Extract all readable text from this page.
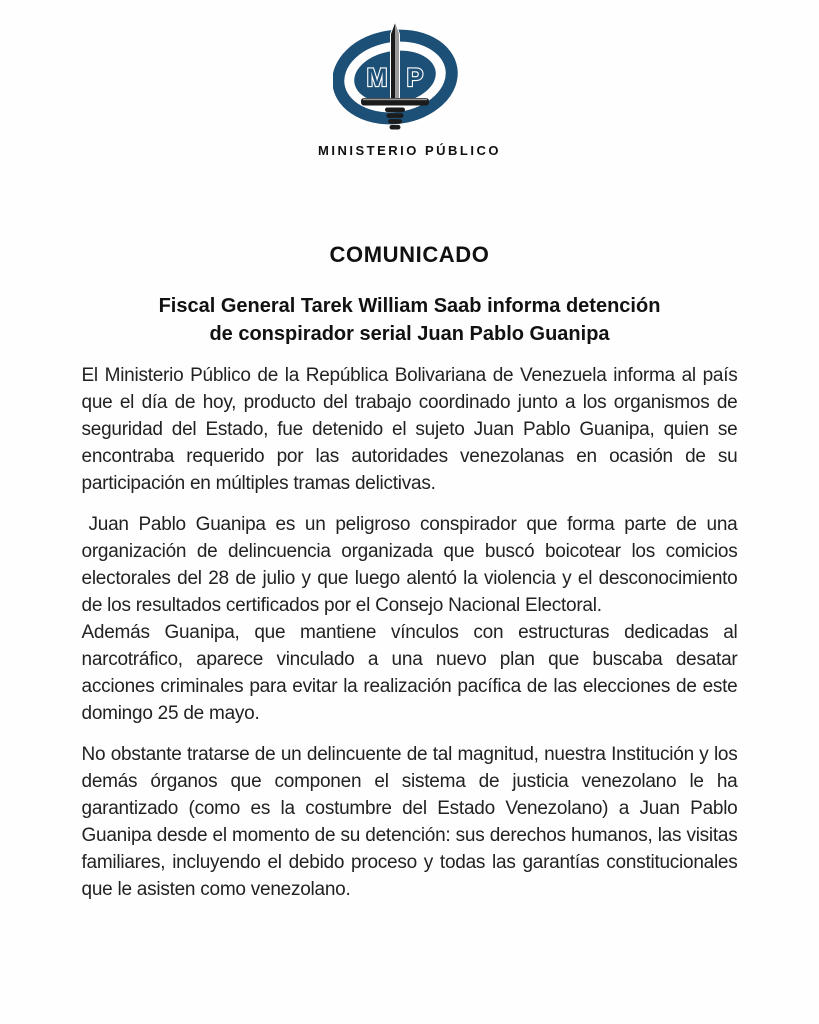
M P
MINISTERIO PÚBLICO
COMUNICADO
Fiscal General Tarek William Saab informa detención
de conspirador serial Juan Pablo Guanipa

El Ministerio Público de la República Bolivariana de Venezuela informa al país que el día de hoy, producto del trabajo coordinado junto a los organismos de seguridad del Estado, fue detenido el sujeto Juan Pablo Guanipa, quien se encontraba requerido por las autoridades venezolanas en ocasión de su participación en múltiples tramas delictivas.

Juan Pablo Guanipa es un peligroso conspirador que forma parte de una organización de delincuencia organizada que buscó boicotear los comicios electorales del 28 de julio y que luego alentó la violencia y el desconocimiento de los resultados certificados por el Consejo Nacional Electoral.

Además Guanipa, que mantiene vínculos con estructuras dedicadas al narcotráfico, aparece vinculado a una nuevo plan que buscaba desatar acciones criminales para evitar la realización pacífica de las elecciones de este domingo 25 de mayo.

No obstante tratarse de un delincuente de tal magnitud, nuestra Institución y los demás órganos que componen el sistema de justicia venezolano le ha garantizado (como es la costumbre del Estado Venezolano) a Juan Pablo Guanipa desde el momento de su detención: sus derechos humanos, las visitas familiares, incluyendo el debido proceso y todas las garantías constitucionales que le asisten como venezolano.
